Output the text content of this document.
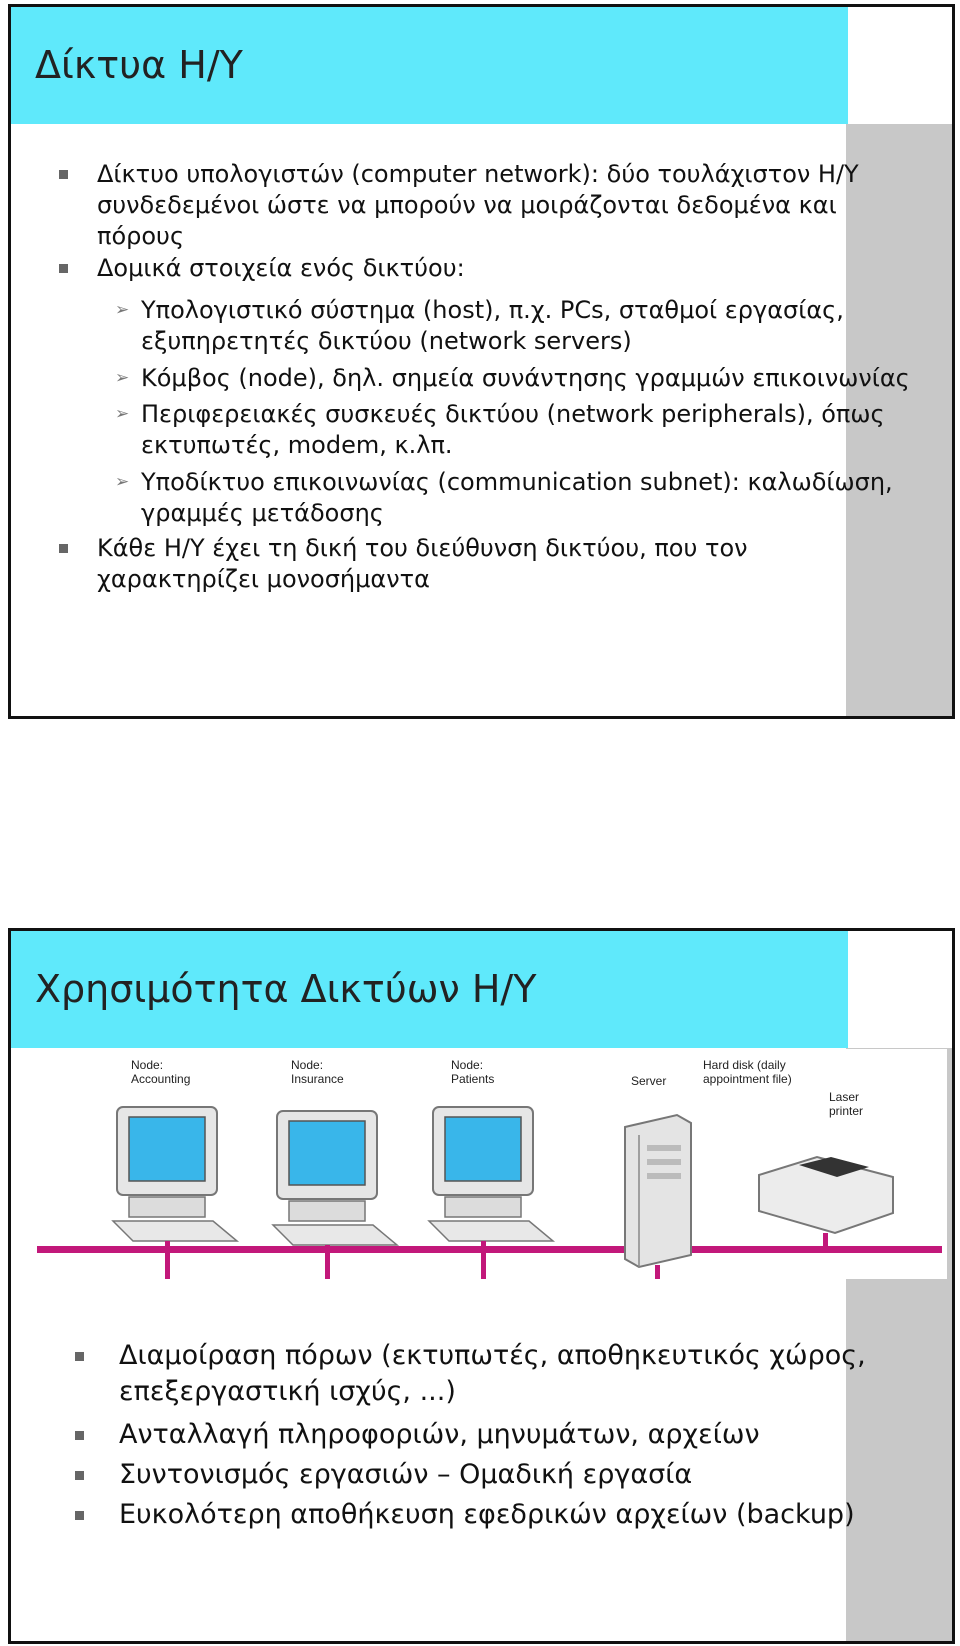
Δίκτυα Η/Υ
Δίκτυο υπολογιστών (computer network): δύο τουλάχιστον Η/Υ συνδεδεμένοι ώστε να μπορούν να μοιράζονται δεδομένα και πόρους
Δομικά στοιχεία ενός δικτύου:
➢ Υπολογιστικό σύστημα (host), π.χ. PCs, σταθμοί εργασίας, εξυπηρετητές δικτύου (network servers)
➢ Κόμβος (node), δηλ. σημεία συνάντησης γραμμών επικοινωνίας
➢ Περιφερειακές συσκευές δικτύου (network peripherals), όπως εκτυπωτές, modem, κ.λπ.
➢ Υποδίκτυο επικοινωνίας (communication subnet): καλωδίωση, γραμμές μετάδοσης
Κάθε Η/Υ έχει τη δική του διεύθυνση δικτύου, που τον χαρακτηρίζει μονοσήμαντα
Χρησιμότητα Δικτύων Η/Υ
Node:
Accounting
Node:
Insurance
Node:
Patients	Server
Hard disk (daily
appointment file)
Laser
printer
Διαμοίραση πόρων (εκτυπωτές, αποθηκευτικός χώρος, επεξεργαστική ισχύς, ...)
Ανταλλαγή πληροφοριών, μηνυμάτων, αρχείων
Συντονισμός εργασιών – Ομαδική εργασία
Ευκολότερη αποθήκευση εφεδρικών αρχείων (backup)
